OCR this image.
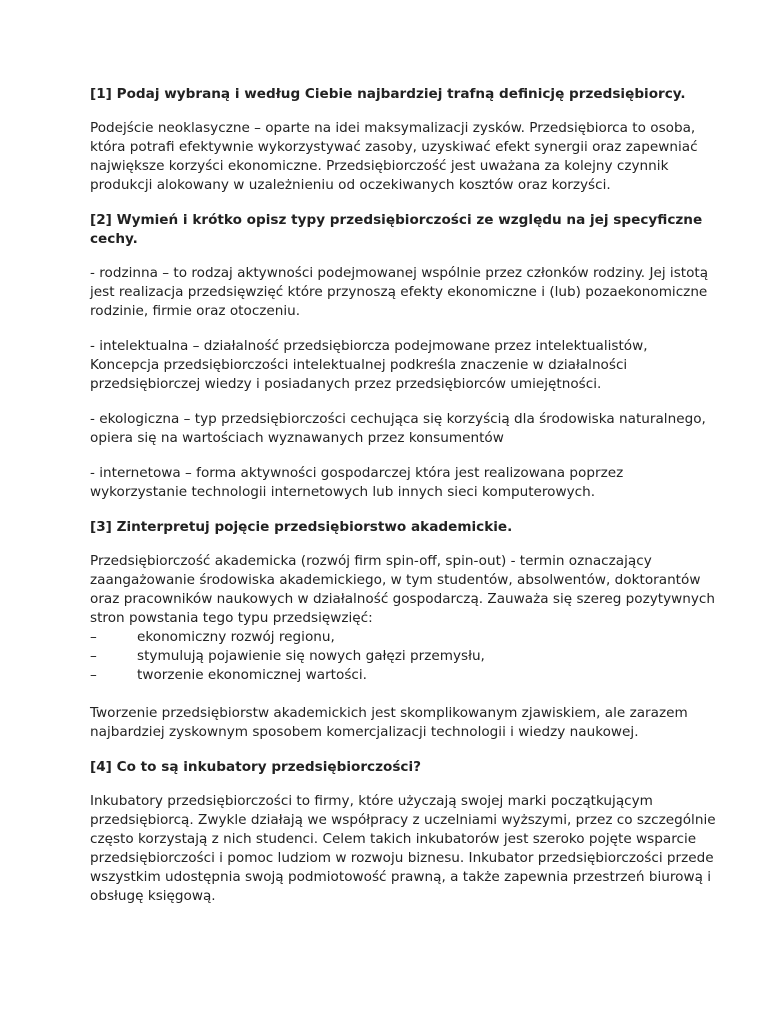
[1] Podaj wybraną i według Ciebie najbardziej trafną definicję przedsiębiorcy.
Podejście neoklasyczne – oparte na idei maksymalizacji zysków. Przedsiębiorca to osoba, która potrafi efektywnie wykorzystywać zasoby, uzyskiwać efekt synergii oraz zapewniać największe korzyści ekonomiczne. Przedsiębiorczość jest uważana za kolejny czynnik produkcji alokowany w uzależnieniu od oczekiwanych kosztów oraz korzyści.
[2] Wymień i krótko opisz typy przedsiębiorczości ze względu na jej specyficzne cechy.
- rodzinna – to rodzaj aktywności podejmowanej wspólnie przez członków rodziny. Jej istotą jest realizacja przedsięwzięć które przynoszą efekty ekonomiczne i (lub) pozaekonomiczne rodzinie, firmie oraz otoczeniu.
- intelektualna – działalność przedsiębiorcza podejmowane przez intelektualistów, Koncepcja przedsiębiorczości intelektualnej podkreśla znaczenie w działalności przedsiębiorczej wiedzy i posiadanych przez przedsiębiorców umiejętności.
- ekologiczna – typ przedsiębiorczości cechująca się korzyścią dla środowiska naturalnego, opiera się na wartościach wyznawanych przez konsumentów
- internetowa – forma aktywności gospodarczej która jest realizowana poprzez wykorzystanie technologii internetowych lub innych sieci komputerowych.
[3] Zinterpretuj pojęcie przedsiębiorstwo akademickie.
Przedsiębiorczość akademicka (rozwój firm spin-off, spin-out) - termin oznaczający zaangażowanie środowiska akademickiego, w tym studentów, absolwentów, doktorantów oraz pracowników naukowych w działalność gospodarczą. Zauważa się szereg pozytywnych stron powstania tego typu przedsięwzięć:
–	ekonomiczny rozwój regionu,
–	stymulują pojawienie się nowych gałęzi przemysłu,
–	tworzenie ekonomicznej wartości.
Tworzenie przedsiębiorstw akademickich jest skomplikowanym zjawiskiem, ale zarazem najbardziej zyskownym sposobem komercjalizacji technologii i wiedzy naukowej.
[4] Co to są inkubatory przedsiębiorczości?
Inkubatory przedsiębiorczości to firmy, które użyczają swojej marki początkującym przedsiębiorcą. Zwykle działają we współpracy z uczelniami wyższymi, przez co szczególnie często korzystają z nich studenci. Celem takich inkubatorów jest szeroko pojęte wsparcie przedsiębiorczości i pomoc ludziom w rozwoju biznesu. Inkubator przedsiębiorczości przede wszystkim udostępnia swoją podmiotowość prawną, a także zapewnia przestrzeń biurową i obsługę księgową.
